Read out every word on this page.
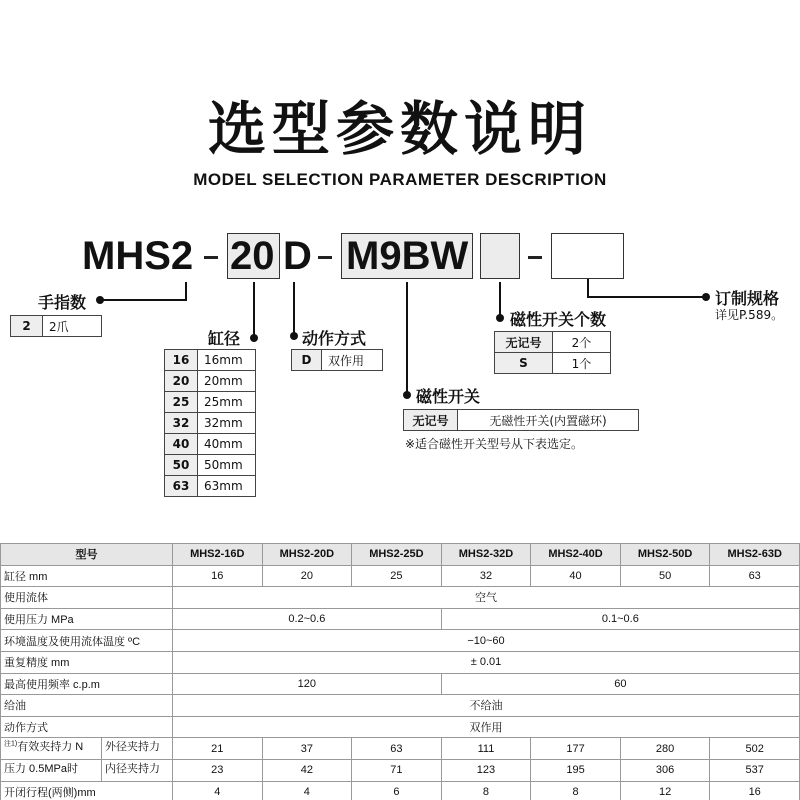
选型参数说明
MODEL SELECTION PARAMETER DESCRIPTION
MHS2 20 D M9BW
手指数
2	2爪
缸径
16	16mm
20	20mm
25	25mm
32	32mm
40	40mm
50	50mm
63	63mm
动作方式
D	双作用
磁性开关
无记号	无磁性开关(内置磁环)
※适合磁性开关型号从下表选定。
磁性开关个数
无记号	2个
S	1个
订制规格
详见P.589。
型号	MHS2-16D	MHS2-20D	MHS2-25D	MHS2-32D	MHS2-40D	MHS2-50D	MHS2-63D
缸径 mm	16	20	25	32	40	50	63
使用流体	空气						
使用压力 MPa	0.2~0.6			0.1~0.6			
环境温度及使用流体温度 ºC	−10~60						
重复精度 mm	± 0.01						
最高使用频率 c.p.m	120			60			
给油	不给油						
动作方式	双作用						

$^{注1)}$有效夹持力 N 外径夹持力	21	37	63	111	177	280	502

压力 0.5MPa时 内径夹持力	23	42	71	123	195	306	537
开闭行程(两侧)mm	4	4	6	8	8	12	16
